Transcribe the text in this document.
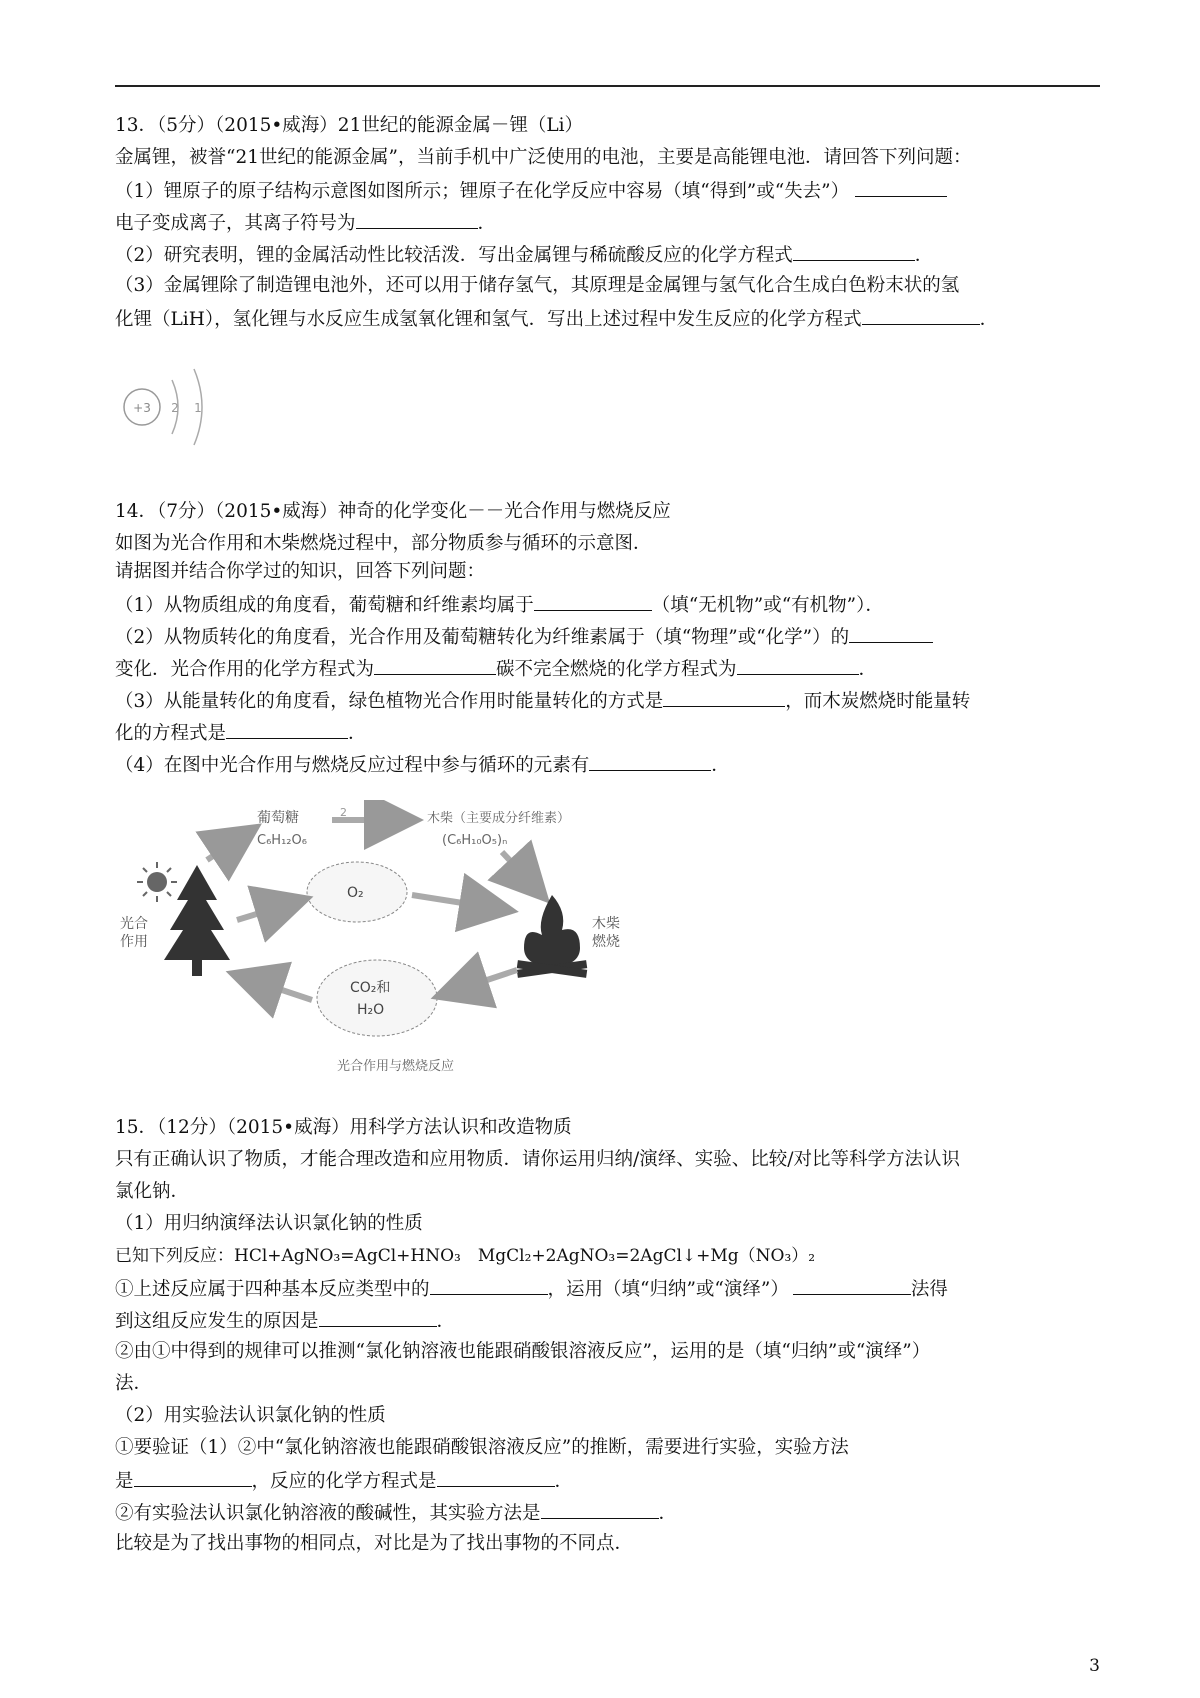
13．（5分）（2015•威海）21世纪的能源金属－锂（Li）
金属锂，被誉“21世纪的能源金属”，当前手机中广泛使用的电池，主要是高能锂电池．请回答下列问题：
（1）锂原子的原子结构示意图如图所示；锂原子在化学反应中容易（填“得到”或“失去”）
电子变成离子，其离子符号为	．
（2）研究表明，锂的金属活动性比较活泼．写出金属锂与稀硫酸反应的化学方程式	．
（3）金属锂除了制造锂电池外，还可以用于储存氢气，其原理是金属锂与氢气化合生成白色粉末状的氢
化锂（LiH），氢化锂与水反应生成氢氧化锂和氢气．写出上述过程中发生反应的化学方程式	．
+3 2 1
14．（7分）（2015•威海）神奇的化学变化－－光合作用与燃烧反应
如图为光合作用和木柴燃烧过程中，部分物质参与循环的示意图．
请据图并结合你学过的知识，回答下列问题：
（1）从物质组成的角度看，葡萄糖和纤维素均属于	（填“无机物”或“有机物”）．
（2）从物质转化的角度看，光合作用及葡萄糖转化为纤维素属于（填“物理”或“化学”）的
变化．光合作用的化学方程式为	碳不完全燃烧的化学方程式为	．
（3）从能量转化的角度看，绿色植物光合作用时能量转化的方式是	，而木炭燃烧时能量转
化的方程式是	．
（4）在图中光合作用与燃烧反应过程中参与循环的元素有	．
葡萄糖
C₆H₁₂O₆
2	木柴（主要成分纤维素）
(C₆H₁₀O₅)ₙ
光合
作用
O₂
木柴
燃烧
CO₂和
H₂O
光合作用与燃烧反应
15．（12分）（2015•威海）用科学方法认识和改造物质
只有正确认识了物质，才能合理改造和应用物质．请你运用归纳/演绎、实验、比较/对比等科学方法认识
氯化钠．
（1）用归纳演绎法认识氯化钠的性质
已知下列反应：HCl+AgNO₃=AgCl+HNO₃　MgCl₂+2AgNO₃=2AgCl↓+Mg（NO₃）₂
①上述反应属于四种基本反应类型中的	，运用（填“归纳”或“演绎”）	法得
到这组反应发生的原因是	．
②由①中得到的规律可以推测“氯化钠溶液也能跟硝酸银溶液反应”，运用的是（填“归纳”或“演绎”）
法．
（2）用实验法认识氯化钠的性质
①要验证（1）②中“氯化钠溶液也能跟硝酸银溶液反应”的推断，需要进行实验，实验方法
是	，反应的化学方程式是	．
②有实验法认识氯化钠溶液的酸碱性，其实验方法是	．
比较是为了找出事物的相同点，对比是为了找出事物的不同点．
3
